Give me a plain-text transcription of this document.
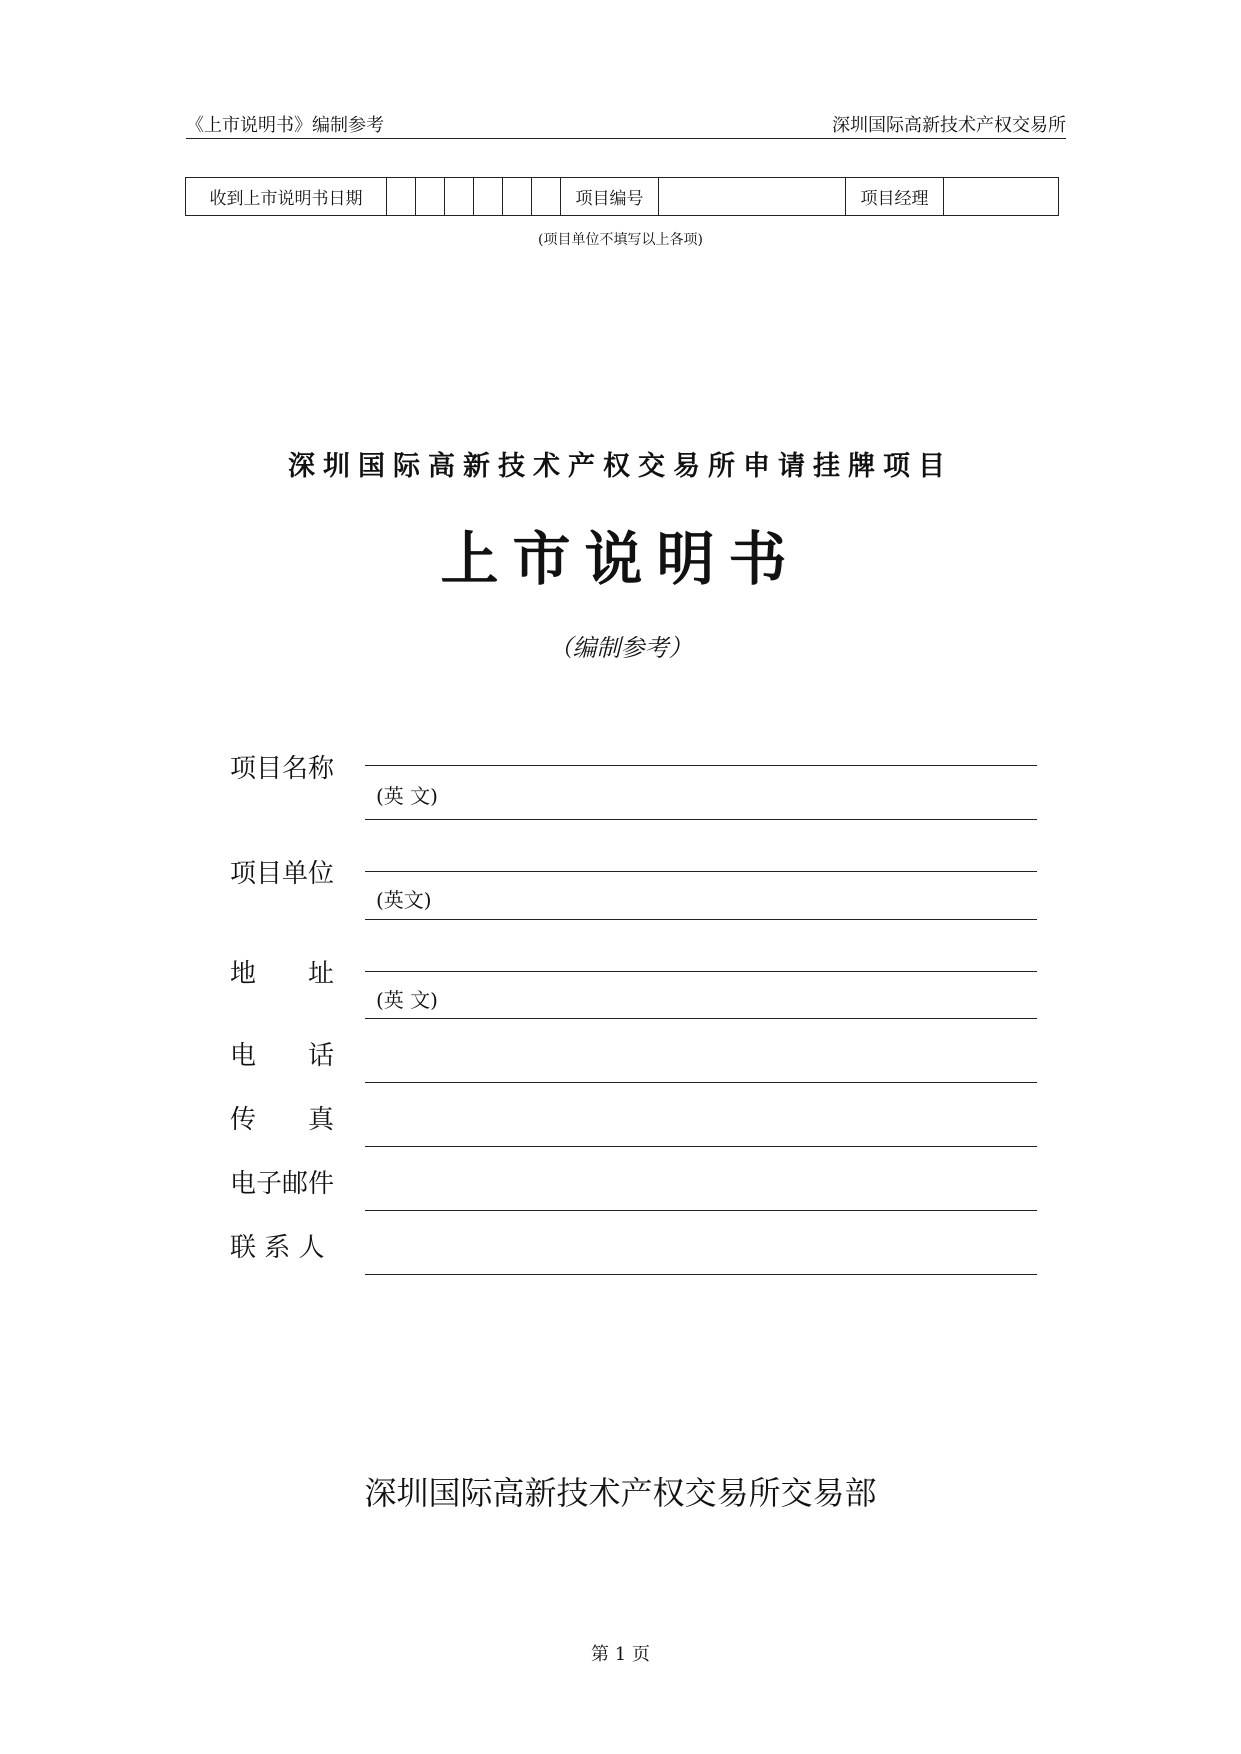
《上市说明书》编制参考	深圳国际高新技术产权交易所
收到上市说明书日期							项目编号		项目经理	
(项目单位不填写以上各项)
深圳国际高新技术产权交易所申请挂牌项目
上市说明书
（编制参考）
项目名称
(英 文)
项目单位
(英文)
地　　址
(英 文)
电　　话
传　　真
电子邮件
联 系 人
深圳国际高新技术产权交易所交易部
第 1 页
